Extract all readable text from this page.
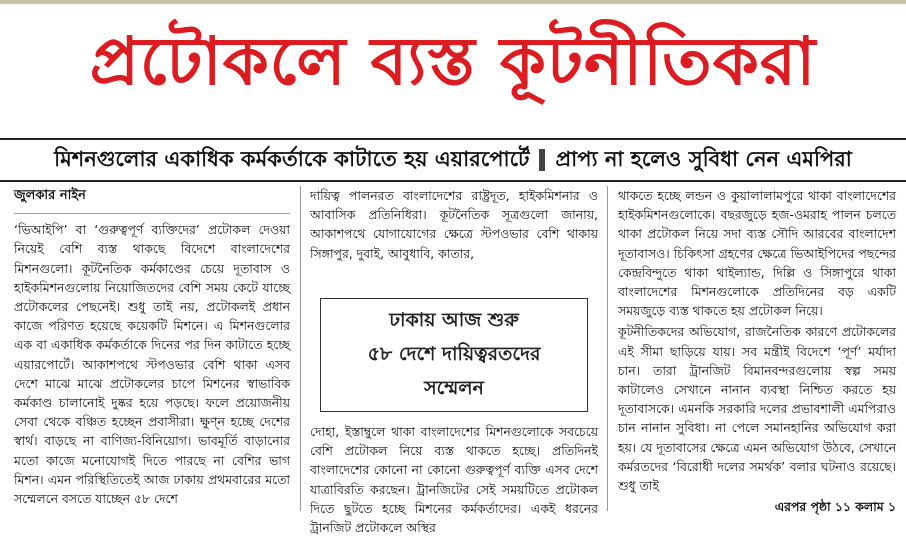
প্রটোকলে ব্যস্ত কূটনীতিকরা
মিশনগুলোর একাধিক কর্মকর্তাকে কাটাতে হয় এয়ারপোর্টে প্রাপ্য না হলেও সুবিধা নেন এমপিরা

জুলকার নাইন

‘ভিআইপি’ বা ‘গুরুত্বপূর্ণ ব্যক্তিদের’ প্রটোকল দেওয়া নিয়েই বেশি ব্যস্ত থাকছে বিদেশে বাংলাদেশের মিশনগুলো। কূটনৈতিক কর্মকাণ্ডের চেয়ে দূতাবাস ও হাইকমিশনগুলোয় নিয়োজিতদের বেশি সময় কেটে যাচ্ছে প্রটোকলের পেছনেই। শুধু তাই নয়, প্রটোকলই প্রধান কাজে পরিণত হয়েছে কয়েকটি মিশনে। এ মিশনগুলোর এক বা একাধিক কর্মকর্তাকে দিনের পর দিন কাটাতে হচ্ছে এয়ারপোর্টে। আকাশপথে স্টপওভার বেশি থাকা এসব দেশে মাঝে মাঝে প্রটোকলের চাপে মিশনের স্বাভাবিক কর্মকাণ্ড চালানোই দুষ্কর হয়ে পড়ছে। ফলে প্রয়োজনীয় সেবা থেকে বঞ্চিত হচ্ছেন প্রবাসীরা। ক্ষুণ্ন হচ্ছে দেশের স্বার্থ। বাড়ছে না বাণিজ্য-বিনিয়োগ। ভাবমূর্তি বাড়ানোর মতো কাজে মনোযোগই দিতে পারছে না বেশির ভাগ মিশন। এমন পরিস্থিতিতেই আজ ঢাকায় প্রথমবারের মতো সম্মেলনে বসতে যাচ্ছেন ৫৮ দেশে

দায়িত্ব পালনরত বাংলাদেশের রাষ্ট্রদূত, হাইকমিশনার ও আবাসিক প্রতিনিধিরা। কূটনৈতিক সূত্রগুলো জানায়, আকাশপথে যোগাযোগের ক্ষেত্রে স্টপওভার বেশি থাকায় সিঙ্গাপুর, দুবাই, আবুধাবি, কাতার,

ঢাকায় আজ শুরু
৫৮ দেশে দায়িত্বরতদের
সম্মেলন

দোহা, ইস্তাম্বুলে থাকা বাংলাদেশের মিশনগুলোকে সবচেয়ে বেশি প্রটোকল নিয়ে ব্যস্ত থাকতে হচ্ছে। প্রতিদিনই বাংলাদেশের কোনো না কোনো গুরুত্বপূর্ণ ব্যক্তি এসব দেশে যাত্রাবিরতি করছেন। ট্রানজিটের সেই সময়টিতে প্রটোকল দিতে ছুটতে হচ্ছে মিশনের কর্মকর্তাদের। একই ধরনের ট্রানজিট প্রটোকলে অস্থির

থাকতে হচ্ছে লন্ডন ও কুয়ালালামপুরে থাকা বাংলাদেশের হাইকমিশনগুলোকে। বছরজুড়ে হজ-ওমরাহ পালন চলতে থাকা প্রটোকল নিয়ে সদা ব্যস্ত সৌদি আরবের বাংলাদেশ দূতাবাসও। চিকিৎসা গ্রহণের ক্ষেত্রে ভিআইপিদের পছন্দের কেন্দ্রবিন্দুতে থাকা থাইল্যান্ড, দিল্লি ও সিঙ্গাপুরে থাকা বাংলাদেশের মিশনগুলোকে প্রতিদিনের বড় একটি সময়জুড়ে ব্যস্ত থাকতে হয় প্রটোকল নিয়ে।

কূটনীতিকদের অভিযোগ, রাজনৈতিক কারণে প্রটোকলের এই সীমা ছাড়িয়ে যায়। সব মন্ত্রীই বিদেশে ‘পূর্ণ’ মর্যাদা চান। তারা ট্রানজিট বিমানবন্দরগুলোয় স্বল্প সময় কাটালেও সেখানে নানান ব্যবস্থা নিশ্চিত করতে হয় দূতাবাসকে। এমনকি সরকারি দলের প্রভাবশালী এমপিরাও চান নানান সুবিধা। না পেলে সমানহানির অভিযোগ করা হয়। যে দূতাবাসের ক্ষেত্রে এমন অভিযোগ উঠবে, সেখানে কর্মরতদের ‘বিরোধী দলের সমর্থক’ বলার ঘটনাও রয়েছে। শুধু তাই

এরপর পৃষ্ঠা ১১ কলাম ১
